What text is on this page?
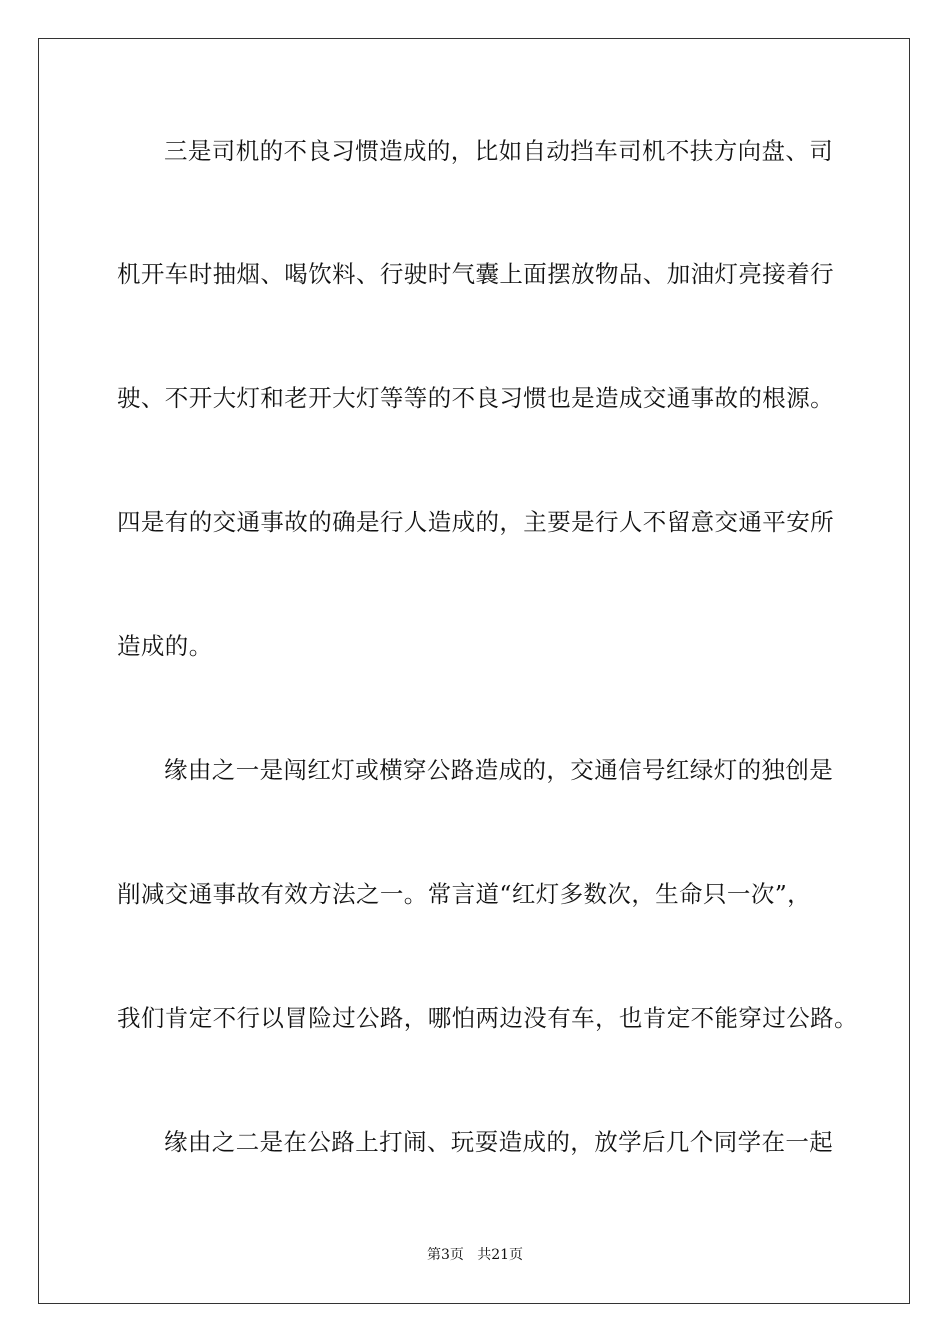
三是司机的不良习惯造成的，比如自动挡车司机不扶方向盘、司
机开车时抽烟、喝饮料、行驶时气囊上面摆放物品、加油灯亮接着行
驶、不开大灯和老开大灯等等的不良习惯也是造成交通事故的根源。
四是有的交通事故的确是行人造成的，主要是行人不留意交通平安所
造成的。
缘由之一是闯红灯或横穿公路造成的，交通信号红绿灯的独创是
削减交通事故有效方法之一。常言道“红灯多数次，生命只一次”，
我们肯定不行以冒险过公路，哪怕两边没有车，也肯定不能穿过公路。
缘由之二是在公路上打闹、玩耍造成的，放学后几个同学在一起
第3页   共21页
